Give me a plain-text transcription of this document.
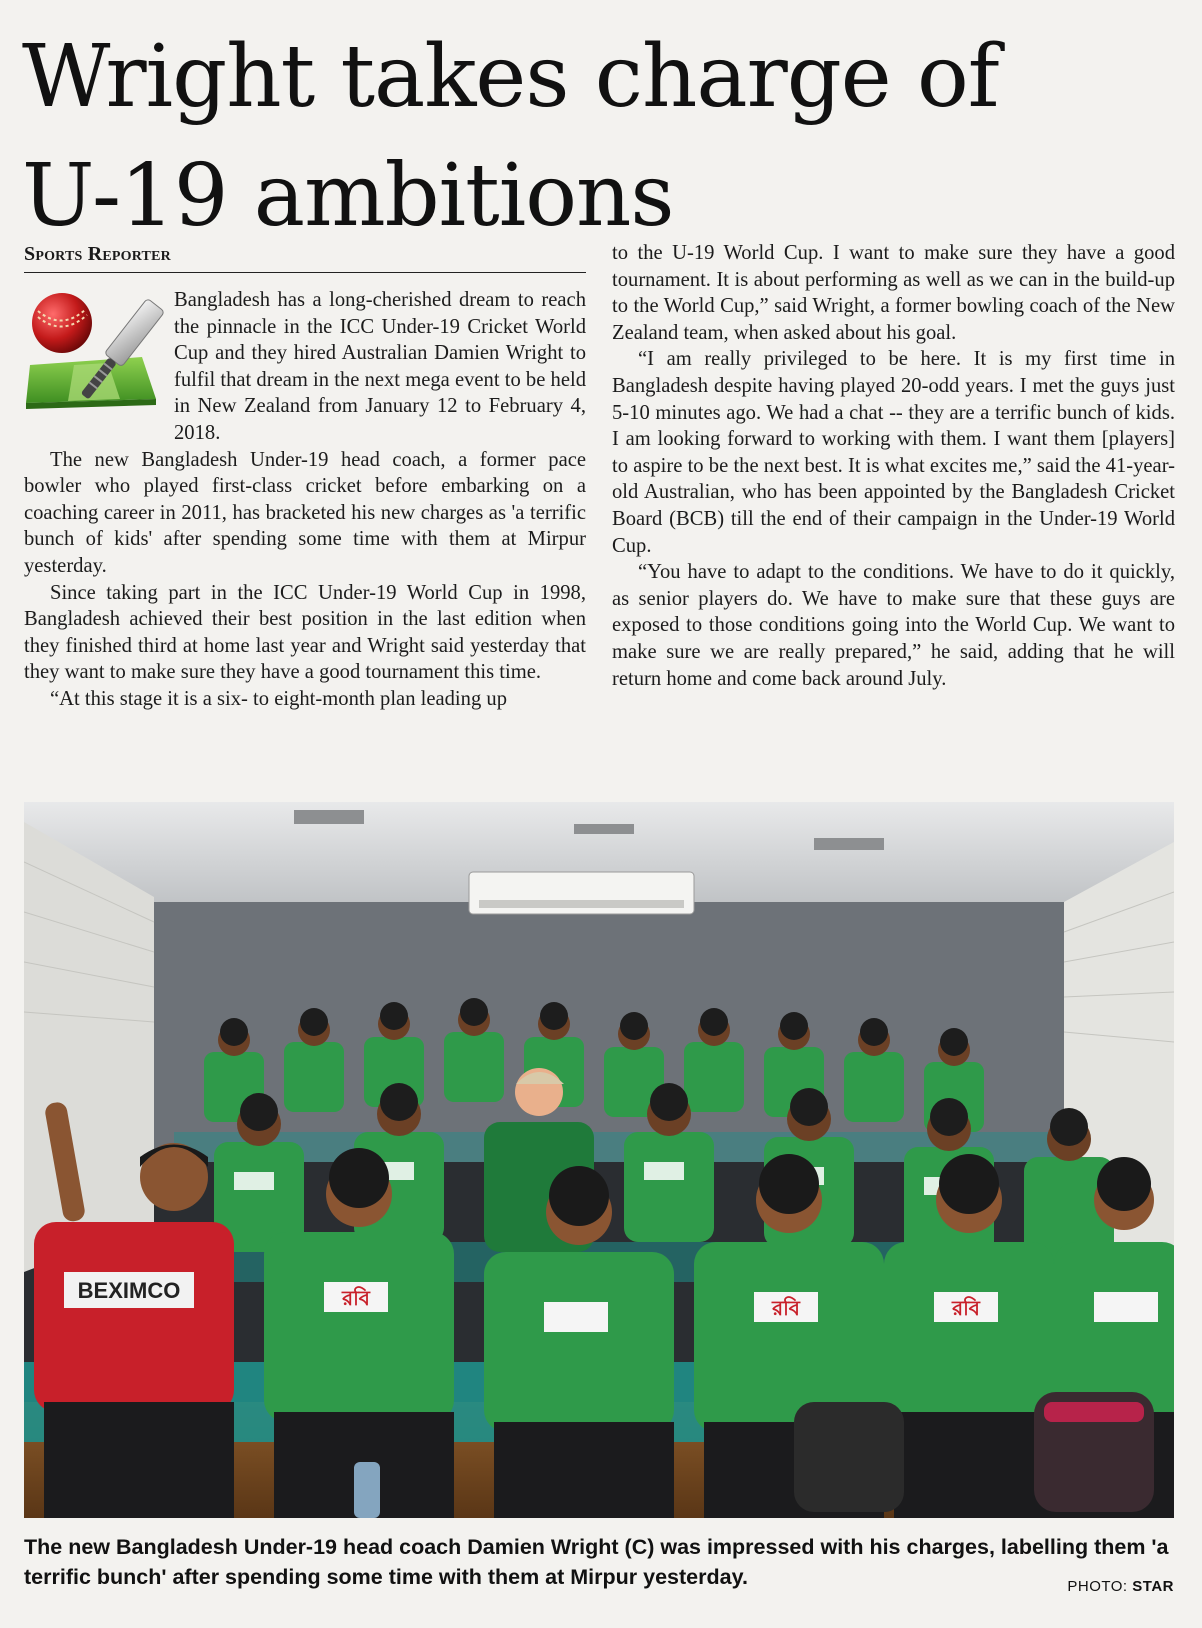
Wright takes charge of
U-19 ambitions
Sports Reporter

Bangladesh has a long-cherished dream to reach the pinnacle in the ICC Under-19 Cricket World Cup and they hired Australian Damien Wright to fulfil that dream in the next mega event to be held in New Zealand from January 12 to February 4, 2018.

The new Bangladesh Under-19 head coach, a former pace bowler who played first-class cricket before embarking on a coaching career in 2011, has bracketed his new charges as 'a terrific bunch of kids' after spending some time with them at Mirpur yesterday.

Since taking part in the ICC Under-19 World Cup in 1998, Bangladesh achieved their best position in the last edition when they finished third at home last year and Wright said yesterday that they want to make sure they have a good tournament this time.

“At this stage it is a six- to eight-month plan leading up

to the U-19 World Cup. I want to make sure they have a good tournament. It is about performing as well as we can in the build-up to the World Cup,” said Wright, a former bowling coach of the New Zealand team, when asked about his goal.

“I am really privileged to be here. It is my first time in Bangladesh despite having played 20-odd years. I met the guys just 5-10 minutes ago. We had a chat -- they are a terrific bunch of kids. I am looking forward to working with them. I want them [players] to aspire to be the next best. It is what excites me,” said the 41-year-old Australian, who has been appointed by the Bangladesh Cricket Board (BCB) till the end of their campaign in the Under-19 World Cup.

“You have to adapt to the conditions. We have to do it quickly, as senior players do. We have to make sure that these guys are exposed to those conditions going into the World Cup. We want to make sure we are really prepared,” he said, adding that he will return home and come back around July.

BEXIMCO	রবি	রবি	রবি
The new Bangladesh Under-19 head coach Damien Wright (C) was impressed with his charges, labelling them 'a terrific bunch' after spending some time with them at Mirpur yesterday.	PHOTO: STAR
